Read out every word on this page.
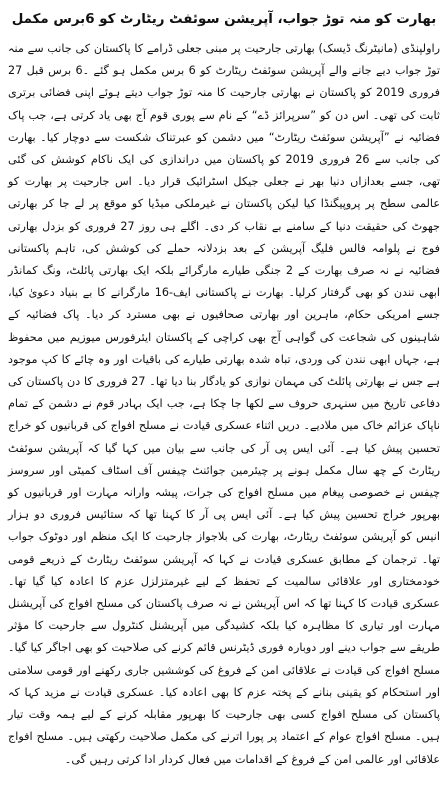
بھارت کو منہ توڑ جواب، آپریشن سوئفٹ ریٹارٹ کو 6برس مکمل

راولپنڈی (مانیٹرنگ ڈیسک) بھارتی جارحیت پر مبنی جعلی ڈرامے کا پاکستان کی جانب سے منہ توڑ جواب دیے جانے والے آپریشن سوئفٹ ریٹارٹ کو 6 برس مکمل ہو گئے ۔6 برس قبل 27 فروری 2019 کو پاکستان نے بھارتی جارحیت کا منہ توڑ جواب دیتے ہوئے اپنی فضائی برتری ثابت کی تھی۔ اس دن کو ”سرپرائز ڈے“ کے نام سے پوری قوم آج بھی یاد کرتی ہے، جب پاک فضائیہ نے ”آپریشن سوئفٹ ریٹارٹ“ میں دشمن کو عبرتناک شکست سے دوچار کیا۔ بھارت کی جانب سے 26 فروری 2019 کو پاکستان میں دراندازی کی ایک ناکام کوشش کی گئی تھی، جسے بعدازاں دنیا بھر نے جعلی جیکل اسٹرائیک قرار دیا۔ اس جارحیت پر بھارت کو عالمی سطح پر پروپیگنڈا کیا لیکن پاکستان نے غیرملکی میڈیا کو موقع پر لے جا کر بھارتی جھوٹ کی حقیقت دنیا کے سامنے بے نقاب کر دی۔ اگلے ہی روز 27 فروری کو بزدل بھارتی فوج نے پلوامہ فالس فلیگ آپریشن کے بعد بزدلانہ حملے کی کوشش کی، تاہم پاکستانی فضائیہ نے نہ صرف بھارت کے 2 جنگی طیارے مارگرائے بلکہ ایک بھارتی پائلٹ، ونگ کمانڈر ابھی نندن کو بھی گرفتار کرلیا۔ بھارت نے پاکستانی ایف-16 مارگرانے کا بے بنیاد دعویٰ کیا، جسے امریکی حکام، ماہرین اور بھارتی صحافیوں نے بھی مسترد کر دیا۔ پاک فضائیہ کے شاہینوں کی شجاعت کی گواہی آج بھی کراچی کے پاکستان ایئرفورس میوزیم میں محفوظ ہے، جہاں ابھی نندن کی وردی، تباہ شدہ بھارتی طیارے کی باقیات اور وہ چائے کا کپ موجود ہے جس نے بھارتی پائلٹ کی مہمان نوازی کو یادگار بنا دیا تھا۔ 27 فروری کا دن پاکستان کی دفاعی تاریخ میں سنہری حروف سے لکھا جا چکا ہے، جب ایک بہادر قوم نے دشمن کے تمام ناپاک عزائم خاک میں ملادیے۔ دریں اثناء عسکری قیادت نے مسلح افواج کی قربانیوں کو خراج تحسین پیش کیا ہے۔ آئی ایس پی آر کی جانب سے بیان میں کہا گیا کہ آپریشن سوئفٹ ریٹارٹ کے چھ سال مکمل ہونے پر چیئرمین جوائنٹ چیفس آف اسٹاف کمیٹی اور سروسز چیفس نے خصوصی پیغام میں مسلح افواج کی جرات، پیشہ وارانہ مہارت اور قربانیوں کو بھرپور خراج تحسین پیش کیا ہے۔ آئی ایس پی آر کا کہنا تھا کہ ستائیس فروری دو ہزار انیس کو آپریشن سوئفٹ ریٹارٹ، بھارت کی بلاجواز جارحیت کا ایک منظم اور دوٹوک جواب تھا۔ ترجمان کے مطابق عسکری قیادت نے کہا کہ آپریشن سوئفٹ ریٹارٹ کے ذریعے قومی خودمختاری اور علاقائی سالمیت کے تحفظ کے لیے غیرمتزلزل عزم کا اعادہ کیا گیا تھا۔ عسکری قیادت کا کہنا تھا کہ اس آپریشن نے نہ صرف پاکستان کی مسلح افواج کی آپریشنل مہارت اور تیاری کا مظاہرہ کیا بلکہ کشیدگی میں آپریشنل کنٹرول سے جارحیت کا مؤثر طریقے سے جواب دینے اور دوبارہ فوری ڈیٹرنس قائم کرنے کی صلاحیت کو بھی اجاگر کیا گیا۔ مسلح افواج کی قیادت نے علاقائی امن کے فروغ کی کوششیں جاری رکھنے اور قومی سلامتی اور استحکام کو یقینی بنانے کے پختہ عزم کا بھی اعادہ کیا۔ عسکری قیادت نے مزید کہا کہ پاکستان کی مسلح افواج کسی بھی جارحیت کا بھرپور مقابلہ کرنے کے لیے ہمہ وقت تیار ہیں۔ مسلح افواج عوام کے اعتماد پر پورا اترنے کی مکمل صلاحیت رکھتی ہیں۔ مسلح افواج علاقائی اور عالمی امن کے فروغ کے اقدامات میں فعال کردار ادا کرتی رہیں گی۔
